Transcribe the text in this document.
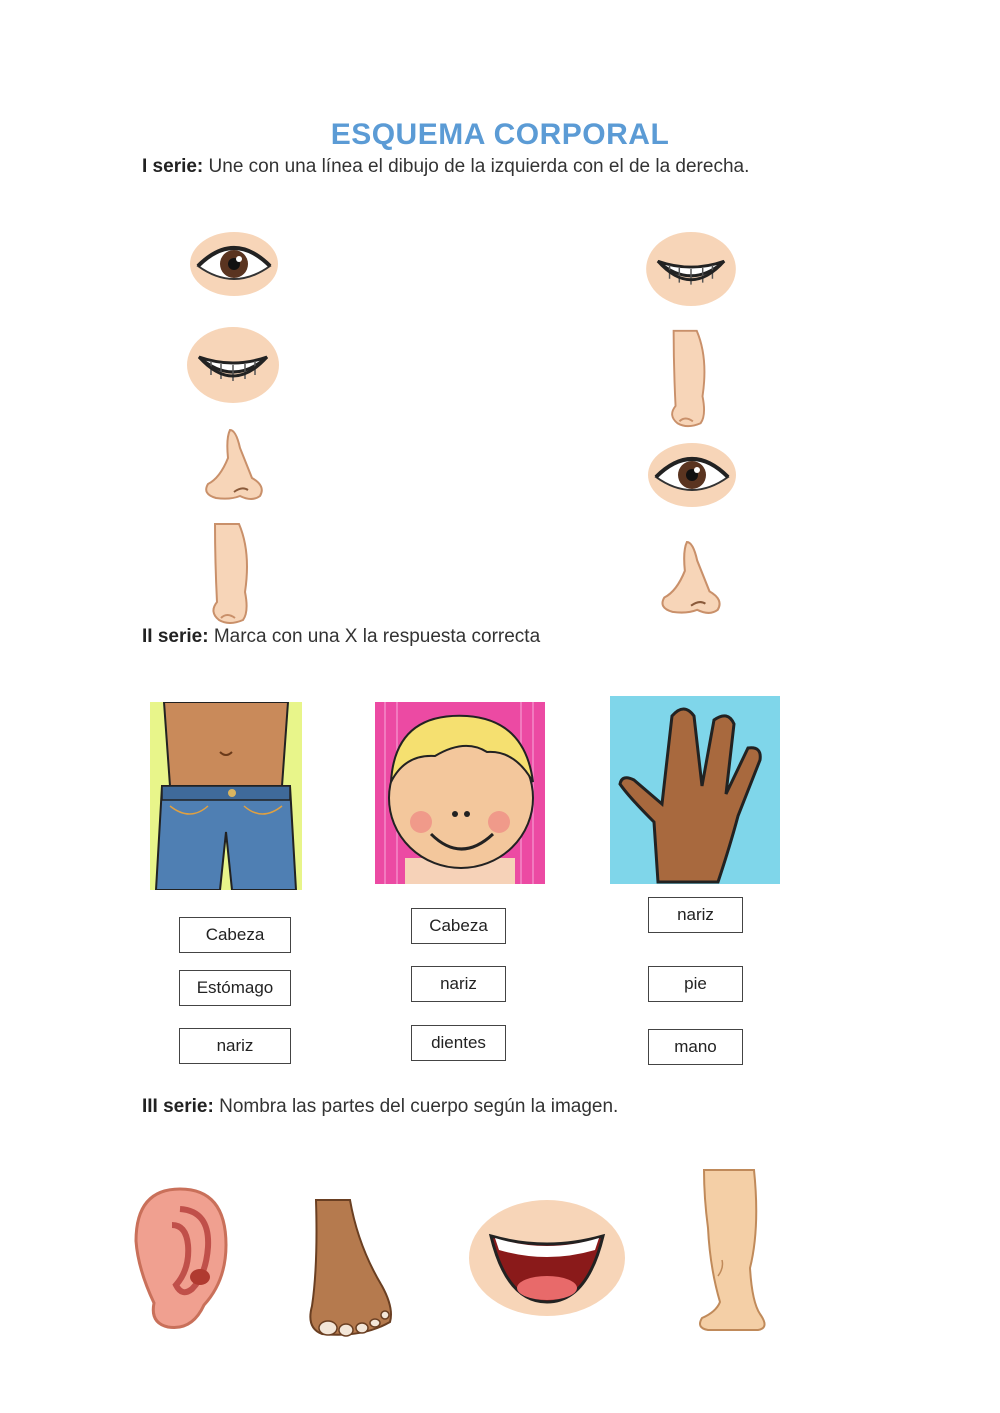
ESQUEMA CORPORAL
I serie: Une con una línea el dibujo de la izquierda con el de la derecha.
II serie: Marca con una X la respuesta correcta
Cabeza
Estómago
nariz
Cabeza
nariz
dientes
nariz
pie
mano
III serie: Nombra las partes del cuerpo según la imagen.
